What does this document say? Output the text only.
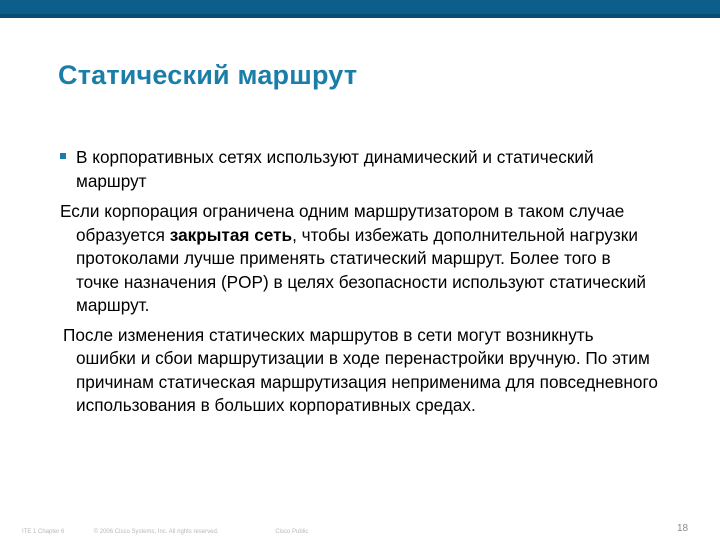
Статический маршрут
В корпоративных сетях используют динамический и статический маршрут
Если корпорация ограничена одним маршрутизатором в таком случае образуется закрытая сеть, чтобы избежать дополнительной нагрузки протоколами лучше применять статический маршрут. Более того в точке назначения (POP) в целях безопасности используют статический маршрут.
После изменения статических маршрутов в сети могут возникнуть ошибки и сбои маршрутизации в ходе перенастройки вручную. По этим причинам статическая маршрутизация неприменима для повседневного использования в больших корпоративных средах.
ITE 1 Chapter 6	© 2006 Cisco Systems, Inc. All rights reserved.	Cisco Public	18
